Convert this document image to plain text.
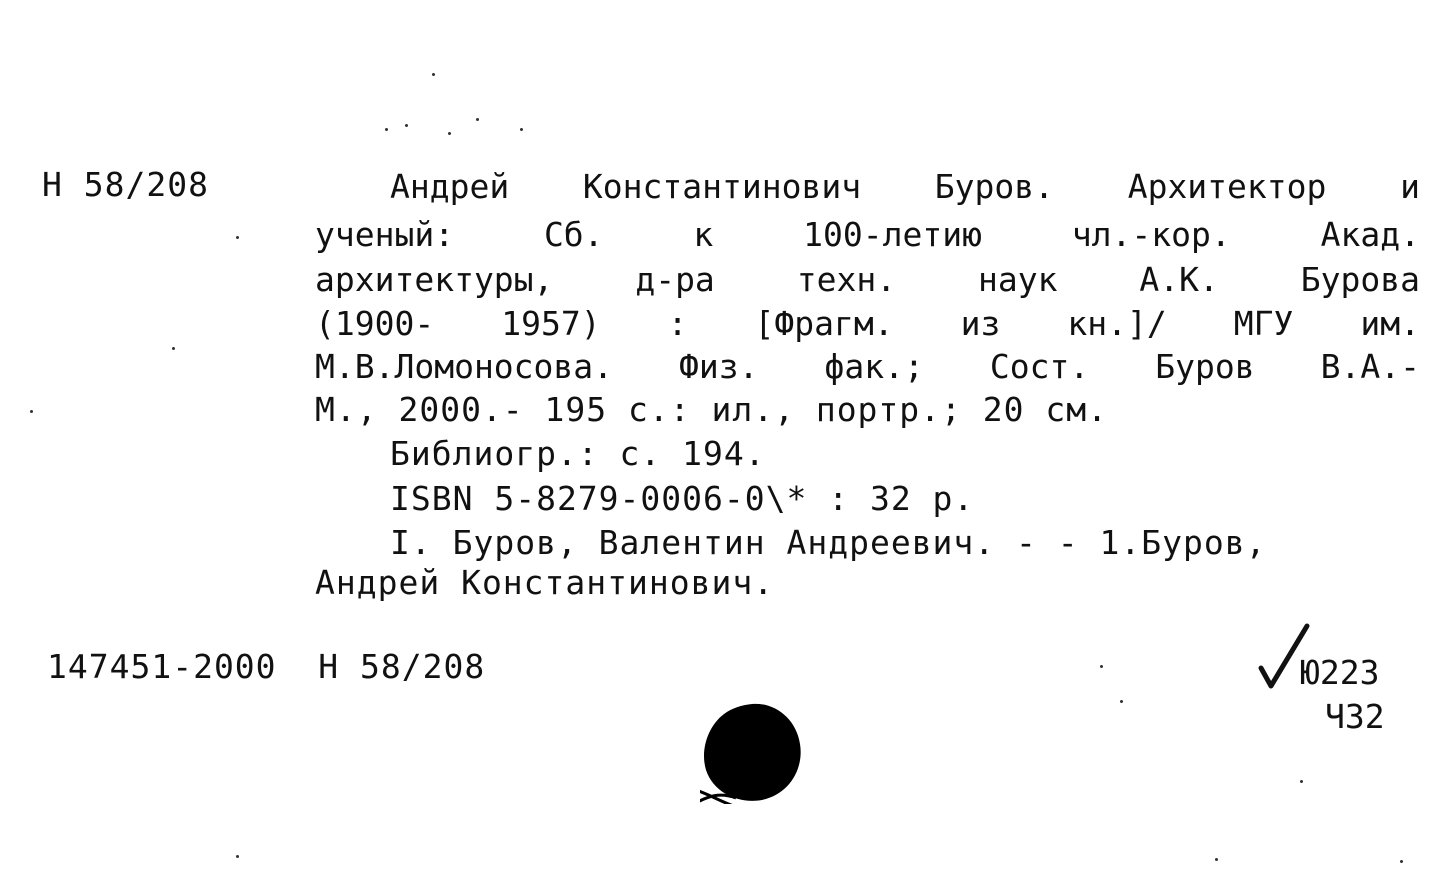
Н 58/208	Андрей Константинович Буров. Архитектор и
ученый:	Сб.	к	100-летию	чл.-кор.	Акад.
архитектуры, д-ра техн. наук А.К. Бурова
(1900- 1957) : [Фрагм. из кн.]/ МГУ им.
М.В.Ломоносова. Физ. фак.; Сост. Буров В.А.-
М., 2000.- 195 с.: ил., портр.; 20 см.
Библиогр.: с. 194.
ISBN 5-8279-0006-0\* : 32 р.
I. Буров, Валентин Андреевич. - - 1.Буров,
Андрей Константинович.
147451-2000  Н 58/208	Ю223
Ч32
